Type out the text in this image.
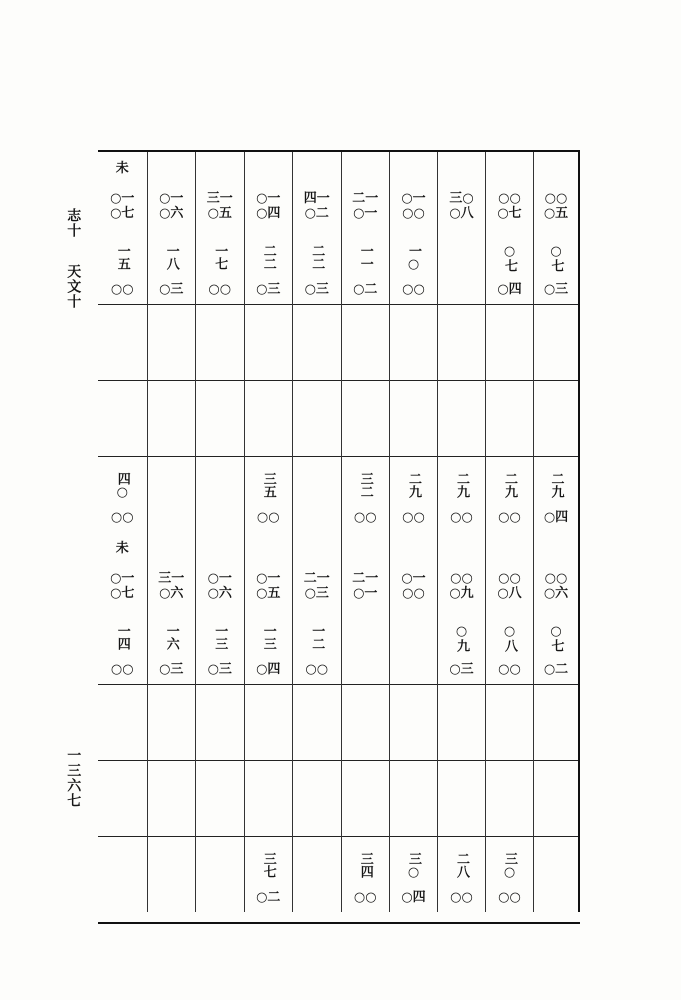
志十
天文十
一三六七
未
○一
○七
○一
○六
三一
○五
○一
○四
四一
○二
二一
○一
○一
○○
三○
○八
○○
○七
○○
○五
一五
○○
一八
○三
一七
○○
二二
○三
二二
○三
一一
○二
一○
○○
○七
○四
○七
○三
四○
○○
三五
○○
三二
○○
二九
○○
二九
○○
二九
○○
二九
○四
未
○一
○七
三一
○六
○一
○六
○一
○五
二一
○三
二一
○一
○一
○○
○○
○九
○○
○八
○○
○六
一四
○○
一六
○三
一三
○三
一三
○四
一二
○○
○九
○三
○八
○○
○七
○二
三七
○二
三四
○○
三○
○四
二八
○○
三○
○○
